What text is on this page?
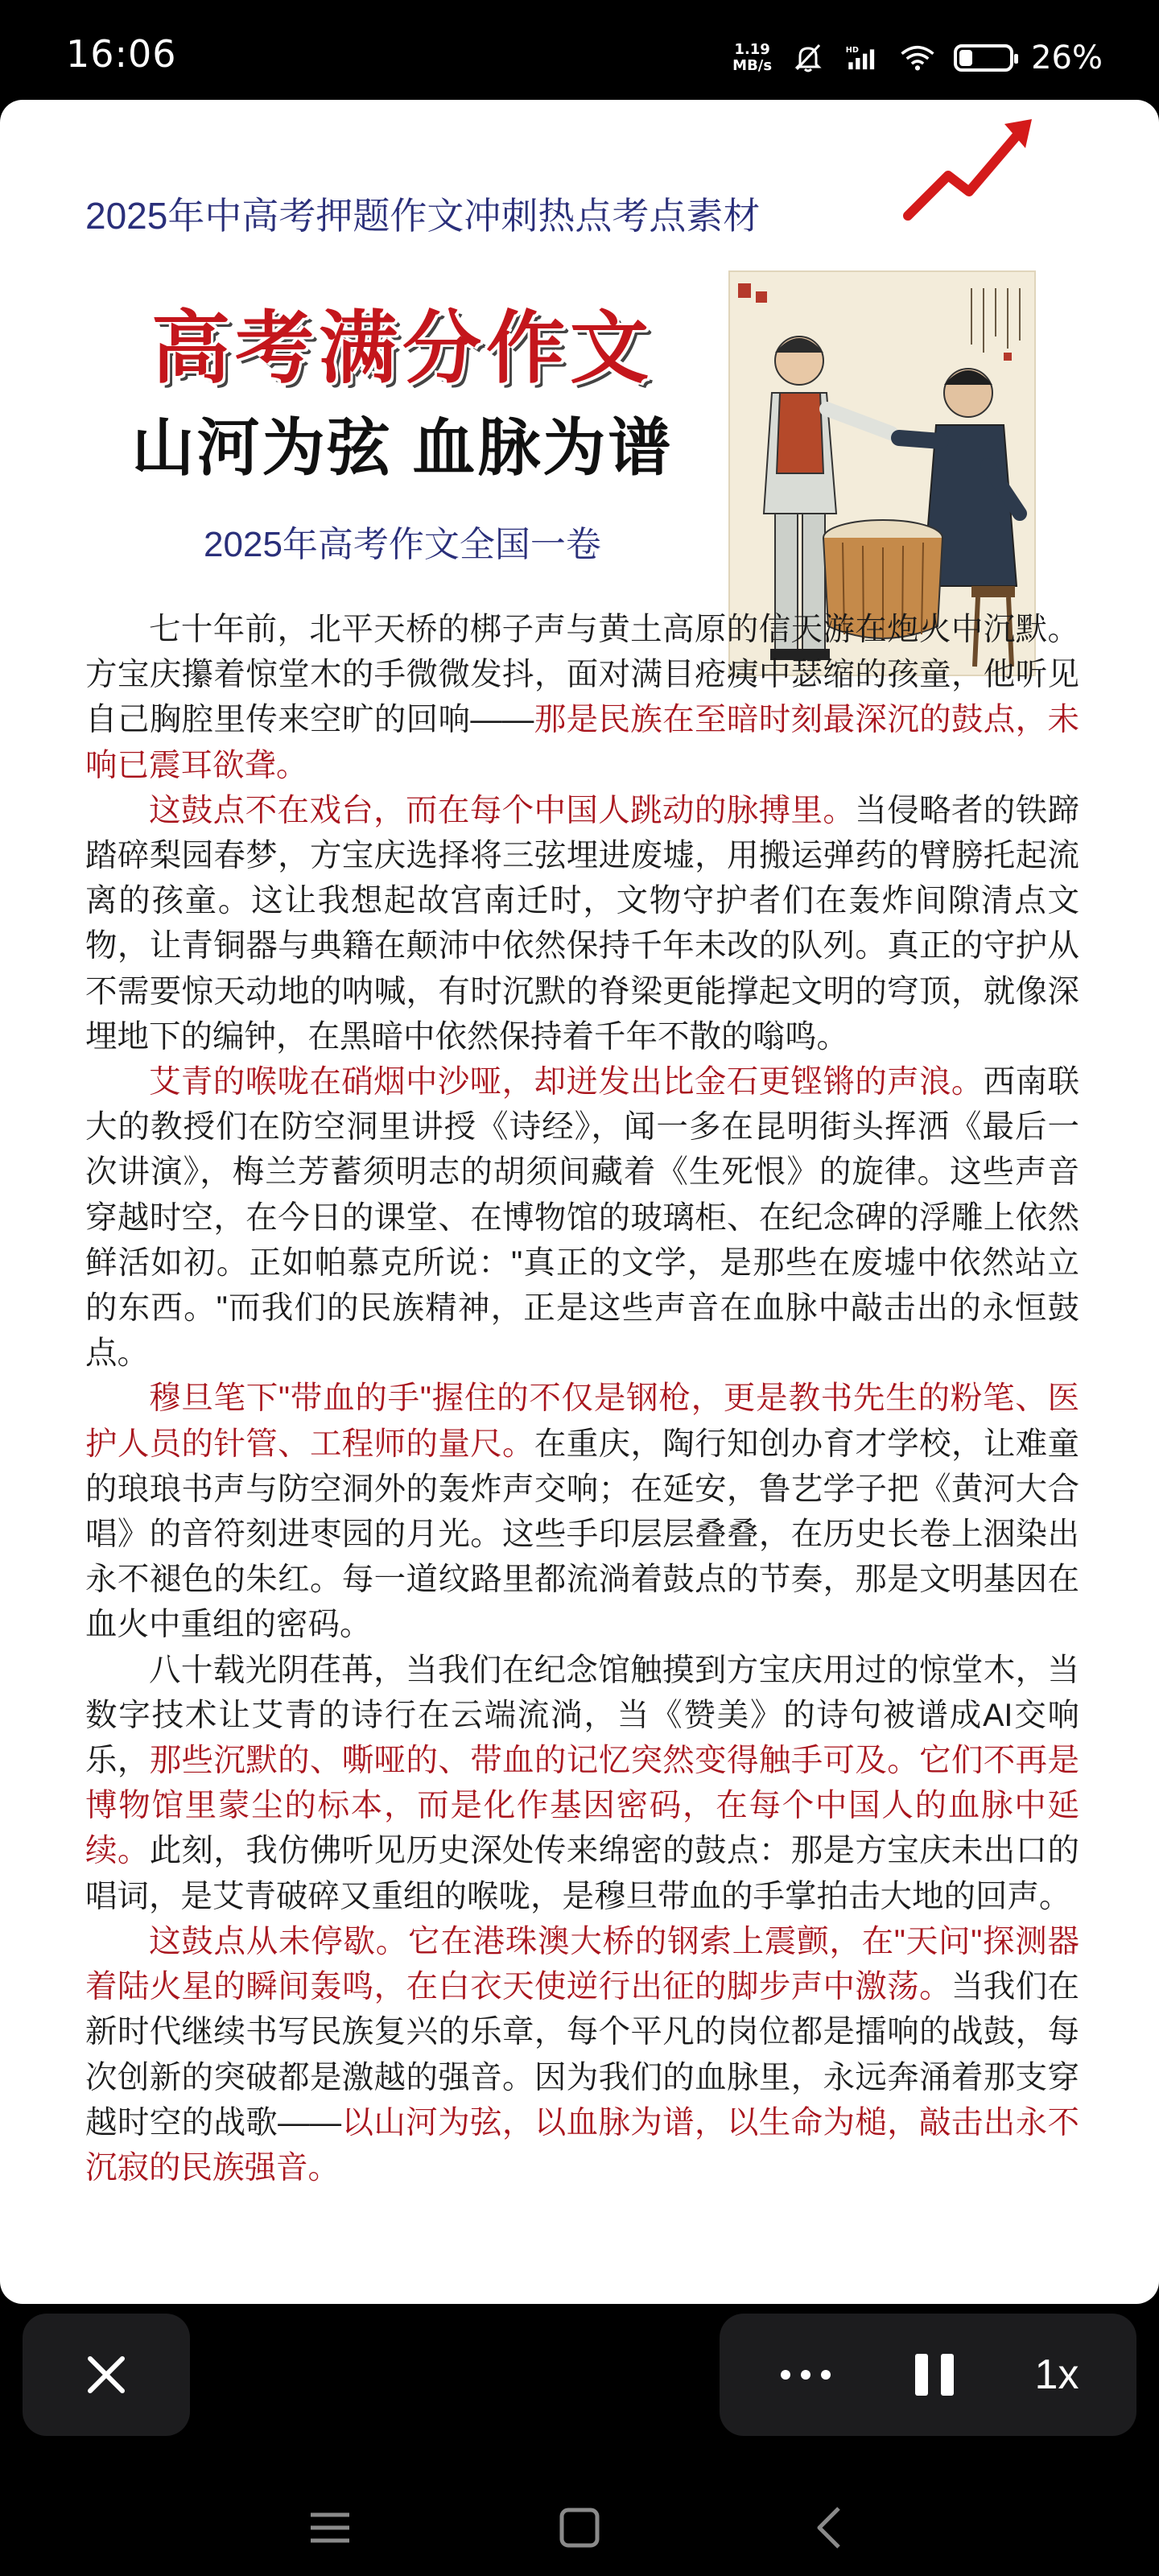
16:06	1.19
MB/s
HD	26%
2025年中高考押题作文冲刺热点考点素材
高考满分作文
山河为弦 血脉为谱
2025年高考作文全国一卷

七十年前，北平天桥的梆子声与黄土高原的信天游在炮火中沉默。方宝庆攥着惊堂木的手微微发抖，面对满目疮痍中瑟缩的孩童，他听见自己胸腔里传来空旷的回响——那是民族在至暗时刻最深沉的鼓点，未响已震耳欲聋。

这鼓点不在戏台，而在每个中国人跳动的脉搏里。当侵略者的铁蹄踏碎梨园春梦，方宝庆选择将三弦埋进废墟，用搬运弹药的臂膀托起流离的孩童。这让我想起故宫南迁时，文物守护者们在轰炸间隙清点文物，让青铜器与典籍在颠沛中依然保持千年未改的队列。真正的守护从不需要惊天动地的呐喊，有时沉默的脊梁更能撑起文明的穹顶，就像深埋地下的编钟，在黑暗中依然保持着千年不散的嗡鸣。

艾青的喉咙在硝烟中沙哑，却迸发出比金石更铿锵的声浪。西南联大的教授们在防空洞里讲授《诗经》，闻一多在昆明街头挥洒《最后一次讲演》，梅兰芳蓄须明志的胡须间藏着《生死恨》的旋律。这些声音穿越时空，在今日的课堂、在博物馆的玻璃柜、在纪念碑的浮雕上依然鲜活如初。正如帕慕克所说："真正的文学，是那些在废墟中依然站立的东西。"而我们的民族精神，正是这些声音在血脉中敲击出的永恒鼓点。

穆旦笔下"带血的手"握住的不仅是钢枪，更是教书先生的粉笔、医护人员的针管、工程师的量尺。在重庆，陶行知创办育才学校，让难童的琅琅书声与防空洞外的轰炸声交响；在延安，鲁艺学子把《黄河大合唱》的音符刻进枣园的月光。这些手印层层叠叠，在历史长卷上洇染出永不褪色的朱红。每一道纹路里都流淌着鼓点的节奏，那是文明基因在血火中重组的密码。

八十载光阴荏苒，当我们在纪念馆触摸到方宝庆用过的惊堂木，当数字技术让艾青的诗行在云端流淌，当《赞美》的诗句被谱成AI交响乐，那些沉默的、嘶哑的、带血的记忆突然变得触手可及。它们不再是博物馆里蒙尘的标本，而是化作基因密码，在每个中国人的血脉中延续。此刻，我仿佛听见历史深处传来绵密的鼓点：那是方宝庆未出口的唱词，是艾青破碎又重组的喉咙，是穆旦带血的手掌拍击大地的回声。

这鼓点从未停歇。它在港珠澳大桥的钢索上震颤，在"天问"探测器着陆火星的瞬间轰鸣，在白衣天使逆行出征的脚步声中激荡。当我们在新时代继续书写民族复兴的乐章，每个平凡的岗位都是擂响的战鼓，每次创新的突破都是激越的强音。因为我们的血脉里，永远奔涌着那支穿越时空的战歌——以山河为弦，以血脉为谱，以生命为槌，敲击出永不沉寂的民族强音。

1x
